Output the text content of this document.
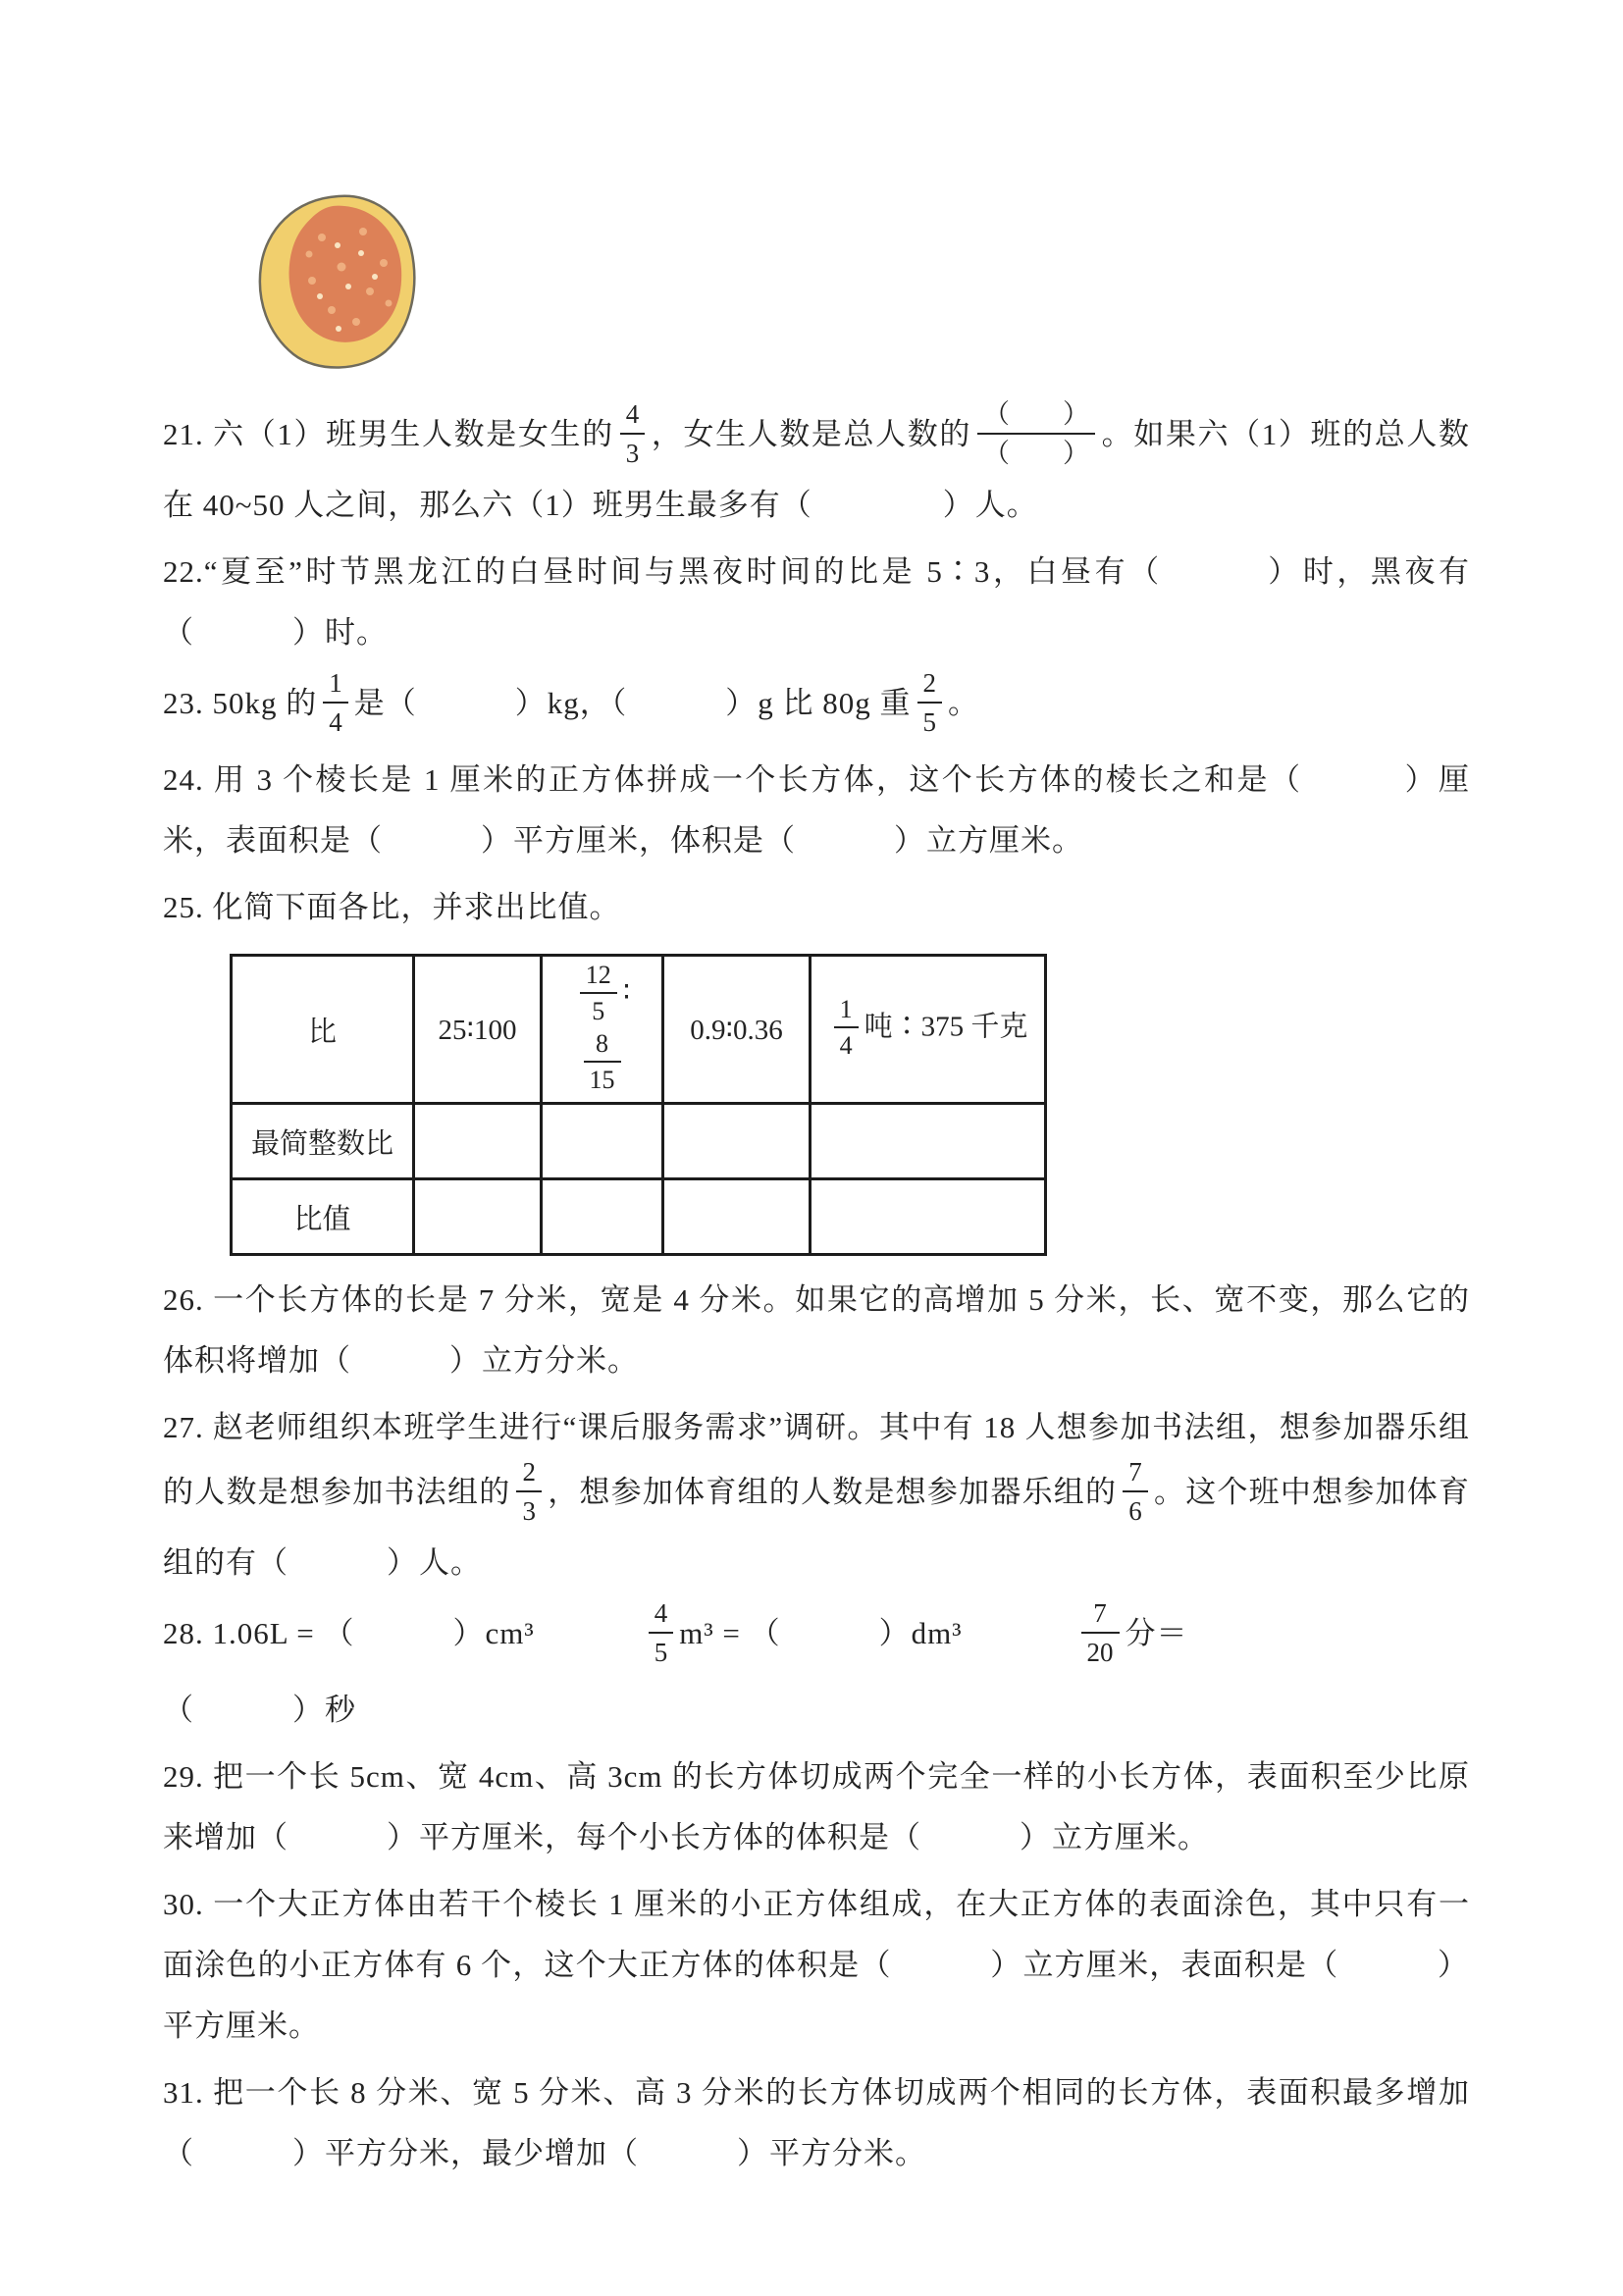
21. 六（1）班男生人数是女生的 $\frac{4}{3}$ ，女生人数是总人数的 $\frac{( )}{( )}$ 。如果六（1）班的总人数在 40~50 人之间，那么六（1）班男生最多有（　　　　）人。

22.“夏至”时节黑龙江的白昼时间与黑夜时间的比是 5∶3，白昼有（　　　）时，黑夜有（　　　）时。

23. 50kg 的 $\frac{1}{4}$ 是（　　　）kg，（　　　）g 比 80g 重 $\frac{2}{5}$ 。

24. 用 3 个棱长是 1 厘米的正方体拼成一个长方体，这个长方体的棱长之和是（　　　）厘米，表面积是（　　　）平方厘米，体积是（　　　）立方厘米。

25. 化简下面各比，并求出比值。

比	25∶100	$\frac{12}{5}$ ∶
$\frac{8}{15}$	0.9∶0.36	$\frac{1}{4}$ 吨∶375 千克
最简整数比				
比值				

26. 一个长方体的长是 7 分米，宽是 4 分米。如果它的高增加 5 分米，长、宽不变，那么它的体积将增加（　　　）立方分米。

27. 赵老师组织本班学生进行“课后服务需求”调研。其中有 18 人想参加书法组，想参加器乐组的人数是想参加书法组的 $\frac{2}{3}$ ，想参加体育组的人数是想参加器乐组的 $\frac{7}{6}$ 。这个班中想参加体育组的有（　　　）人。

28. 1.06L = （　　　）cm³	$\frac{4}{5} m^3$ = （　　　）dm³	$\frac{7}{20}$ 分＝

（　　　）秒

29. 把一个长 5cm、宽 4cm、高 3cm 的长方体切成两个完全一样的小长方体，表面积至少比原来增加（　　　）平方厘米，每个小长方体的体积是（　　　）立方厘米。

30. 一个大正方体由若干个棱长 1 厘米的小正方体组成，在大正方体的表面涂色，其中只有一面涂色的小正方体有 6 个，这个大正方体的体积是（　　　）立方厘米，表面积是（　　　）平方厘米。

31. 把一个长 8 分米、宽 5 分米、高 3 分米的长方体切成两个相同的长方体，表面积最多增加（　　　）平方分米，最少增加（　　　）平方分米。
